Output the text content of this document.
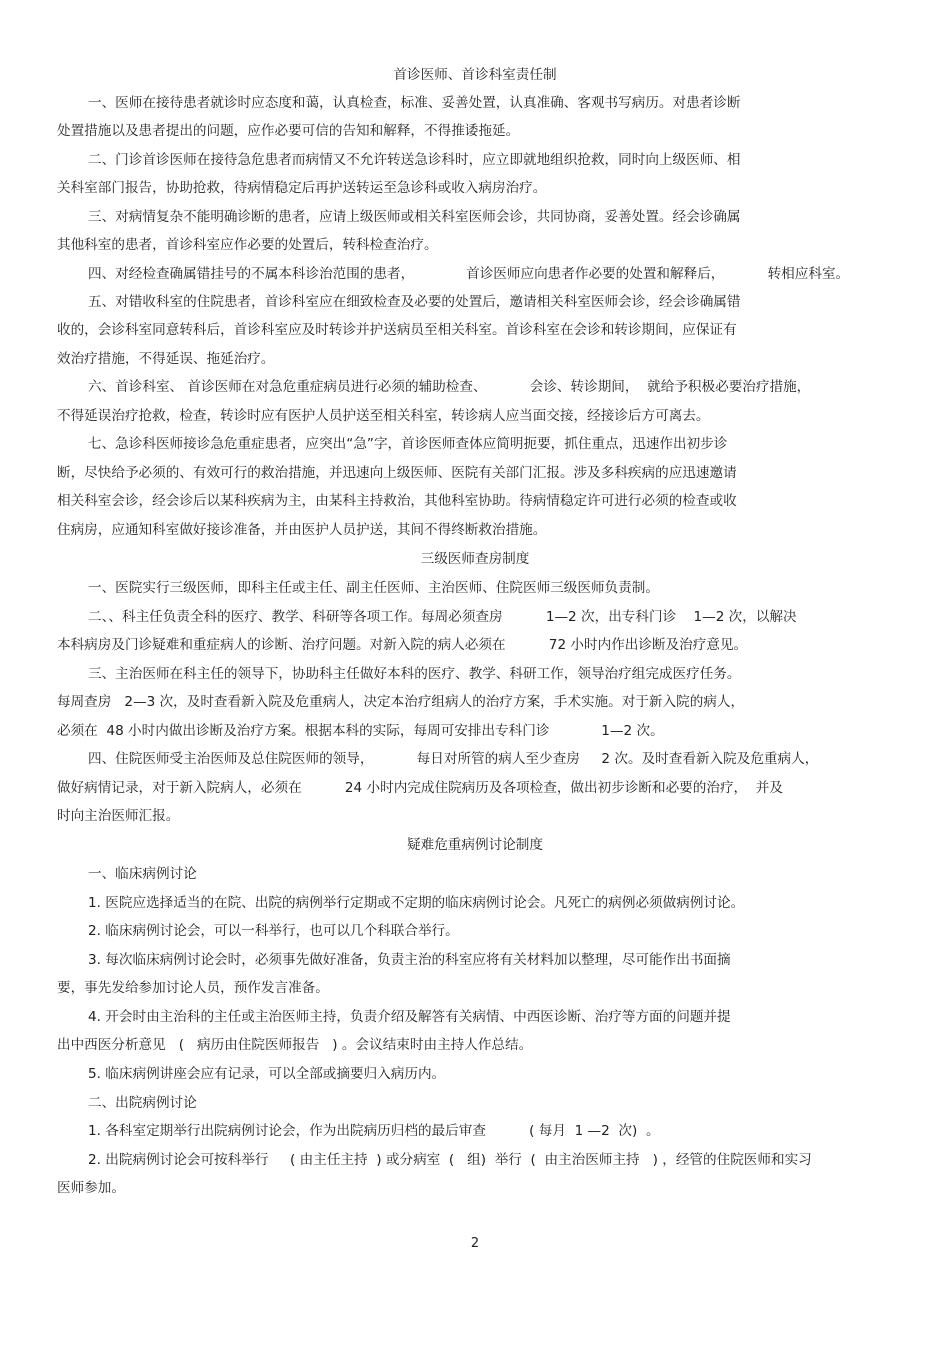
首诊医师、首诊科室责任制
一、医师在接待患者就诊时应态度和蔼，认真检查，标准、妥善处置，认真准确、客观书写病历。对患者诊断
处置措施以及患者提出的问题，应作必要可信的告知和解释，不得推诿拖延。
二、门诊首诊医师在接待急危患者而病情又不允许转送急诊科时，应立即就地组织抢救，同时向上级医师、相
关科室部门报告，协助抢救，待病情稳定后再护送转运至急诊科或收入病房治疗。
三、对病情复杂不能明确诊断的患者，应请上级医师或相关科室医师会诊，共同协商，妥善处置。经会诊确属
其他科室的患者，首诊科室应作必要的处置后，转科检查治疗。
四、对经检查确属错挂号的不属本科诊治范围的患者，            首诊医师应向患者作必要的处置和解释后，          转相应科室。
五、对错收科室的住院患者，首诊科室应在细致检查及必要的处置后，邀请相关科室医师会诊，经会诊确属错
收的，会诊科室同意转科后，首诊科室应及时转诊并护送病员至相关科室。首诊科室在会诊和转诊期间，应保证有
效治疗措施，不得延误、拖延治疗。
六、首诊科室、 首诊医师在对急危重症病员进行必须的辅助检查、          会诊、转诊期间，  就给予积极必要治疗措施，
不得延误治疗抢救，检查，转诊时应有医护人员护送至相关科室，转诊病人应当面交接，经接诊后方可离去。
七、急诊科医师接诊急危重症患者，应突出“急”字，首诊医师查体应简明扼要，抓住重点，迅速作出初步诊
断，尽快给予必须的、有效可行的救治措施，并迅速向上级医师、医院有关部门汇报。涉及多科疾病的应迅速邀请
相关科室会诊，经会诊后以某科疾病为主，由某科主持救治，其他科室协助。待病情稳定许可进行必须的检查或收
住病房，应通知科室做好接诊准备，并由医护人员护送，其间不得终断救治措施。
三级医师查房制度
一、医院实行三级医师，即科主任或主任、副主任医师、主治医师、住院医师三级医师负责制。
二、、科主任负责全科的医疗、教学、科研等各项工作。每周必须查房          1—2 次，出专科门诊    1—2 次，以解决
本科病房及门诊疑难和重症病人的诊断、治疗问题。对新入院的病人必须在          72 小时内作出诊断及治疗意见。
三、主治医师在科主任的领导下，协助科主任做好本科的医疗、教学、科研工作，领导治疗组完成医疗任务。
每周查房   2—3 次，及时查看新入院及危重病人，决定本治疗组病人的治疗方案，手术实施。对于新入院的病人，
必须在  48 小时内做出诊断及治疗方案。根据本科的实际，每周可安排出专科门诊            1—2 次。
四、住院医师受主治医师及总住院医师的领导，          每日对所管的病人至少查房     2 次。及时查看新入院及危重病人，
做好病情记录，对于新入院病人，必须在          24 小时内完成住院病历及各项检查，做出初步诊断和必要的治疗，  并及
时向主治医师汇报。
疑难危重病例讨论制度
一、临床病例讨论
1. 医院应选择适当的在院、出院的病例举行定期或不定期的临床病例讨论会。凡死亡的病例必须做病例讨论。
2. 临床病例讨论会，可以一科举行，也可以几个科联合举行。
3. 每次临床病例讨论会时，必须事先做好准备，负责主治的科室应将有关材料加以整理，尽可能作出书面摘
要，事先发给参加讨论人员，预作发言准备。
4. 开会时由主治科的主任或主治医师主持，负责介绍及解答有关病情、中西医诊断、治疗等方面的问题并提
出中西医分析意见   (   病历由住院医师报告   ) 。会议结束时由主持人作总结。
5. 临床病例讲座会应有记录，可以全部或摘要归入病历内。
二、出院病例讨论
1. 各科室定期举行出院病例讨论会，作为出院病历归档的最后审查          ( 每月  1 —2  次)  。
2. 出院病例讨论会可按科举行     ( 由主任主持  ) 或分病室  (   组)  举行  (  由主治医师主持   ) ，经管的住院医师和实习
医师参加。
2
